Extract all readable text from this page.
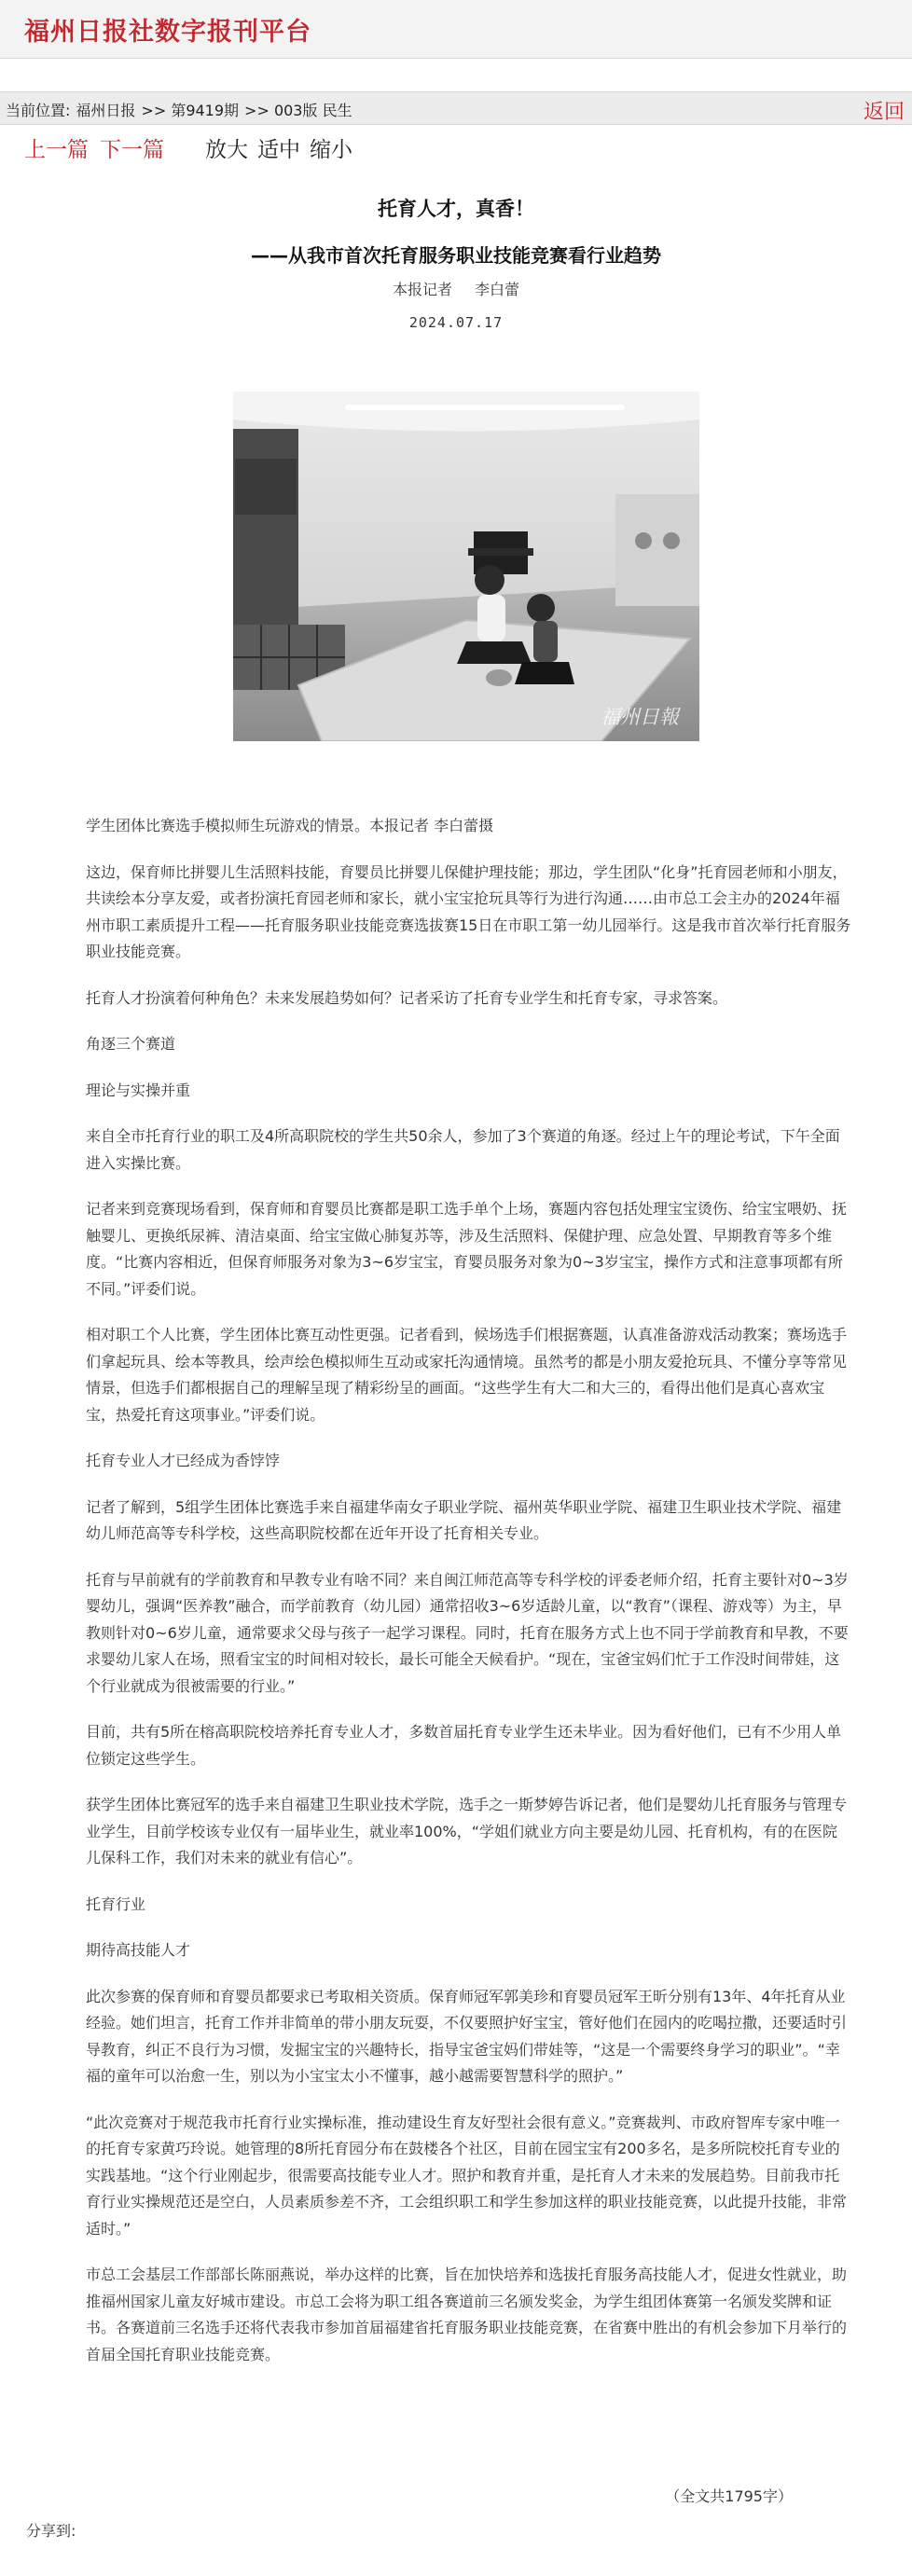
福州日报社数字报刊平台
当前位置: 福州日报 >> 第9419期 >> 003版 民生	返回
上一篇 下一篇 放大 适中 缩小
托育人才，真香！
——从我市首次托育服务职业技能竞赛看行业趋势
本报记者 李白蕾
2024.07.17
福州日報

学生团体比赛选手模拟师生玩游戏的情景。本报记者 李白蕾摄

这边，保育师比拼婴儿生活照料技能，育婴员比拼婴儿保健护理技能；那边，学生团队“化身”托育园老师和小朋友，共读绘本分享友爱，或者扮演托育园老师和家长，就小宝宝抢玩具等行为进行沟通……由市总工会主办的2024年福州市职工素质提升工程——托育服务职业技能竞赛选拔赛15日在市职工第一幼儿园举行。这是我市首次举行托育服务职业技能竞赛。

托育人才扮演着何种角色？未来发展趋势如何？记者采访了托育专业学生和托育专家，寻求答案。

角逐三个赛道

理论与实操并重

来自全市托育行业的职工及4所高职院校的学生共50余人，参加了3个赛道的角逐。经过上午的理论考试，下午全面进入实操比赛。

记者来到竞赛现场看到，保育师和育婴员比赛都是职工选手单个上场，赛题内容包括处理宝宝烫伤、给宝宝喂奶、抚触婴儿、更换纸尿裤、清洁桌面、给宝宝做心肺复苏等，涉及生活照料、保健护理、应急处置、早期教育等多个维度。“比赛内容相近，但保育师服务对象为3~6岁宝宝，育婴员服务对象为0~3岁宝宝，操作方式和注意事项都有所不同。”评委们说。

相对职工个人比赛，学生团体比赛互动性更强。记者看到，候场选手们根据赛题，认真准备游戏活动教案；赛场选手们拿起玩具、绘本等教具，绘声绘色模拟师生互动或家托沟通情境。虽然考的都是小朋友爱抢玩具、不懂分享等常见情景，但选手们都根据自己的理解呈现了精彩纷呈的画面。“这些学生有大二和大三的，看得出他们是真心喜欢宝宝，热爱托育这项事业。”评委们说。

托育专业人才已经成为香饽饽

记者了解到，5组学生团体比赛选手来自福建华南女子职业学院、福州英华职业学院、福建卫生职业技术学院、福建幼儿师范高等专科学校，这些高职院校都在近年开设了托育相关专业。

托育与早前就有的学前教育和早教专业有啥不同？来自闽江师范高等专科学校的评委老师介绍，托育主要针对0~3岁婴幼儿，强调“医养教”融合，而学前教育（幼儿园）通常招收3~6岁适龄儿童，以“教育”（课程、游戏等）为主，早教则针对0~6岁儿童，通常要求父母与孩子一起学习课程。同时，托育在服务方式上也不同于学前教育和早教，不要求婴幼儿家人在场，照看宝宝的时间相对较长，最长可能全天候看护。“现在，宝爸宝妈们忙于工作没时间带娃，这个行业就成为很被需要的行业。”

目前，共有5所在榕高职院校培养托育专业人才，多数首届托育专业学生还未毕业。因为看好他们，已有不少用人单位锁定这些学生。

获学生团体比赛冠军的选手来自福建卫生职业技术学院，选手之一斯梦婷告诉记者，他们是婴幼儿托育服务与管理专业学生，目前学校该专业仅有一届毕业生，就业率100%，“学姐们就业方向主要是幼儿园、托育机构，有的在医院儿保科工作，我们对未来的就业有信心”。

托育行业

期待高技能人才

此次参赛的保育师和育婴员都要求已考取相关资质。保育师冠军郭美珍和育婴员冠军王昕分别有13年、4年托育从业经验。她们坦言，托育工作并非简单的带小朋友玩耍，不仅要照护好宝宝，管好他们在园内的吃喝拉撒，还要适时引导教育，纠正不良行为习惯，发掘宝宝的兴趣特长，指导宝爸宝妈们带娃等，“这是一个需要终身学习的职业”。“幸福的童年可以治愈一生，别以为小宝宝太小不懂事，越小越需要智慧科学的照护。”

“此次竞赛对于规范我市托育行业实操标准，推动建设生育友好型社会很有意义。”竞赛裁判、市政府智库专家中唯一的托育专家黄巧玲说。她管理的8所托育园分布在鼓楼各个社区，目前在园宝宝有200多名，是多所院校托育专业的实践基地。“这个行业刚起步，很需要高技能专业人才。照护和教育并重，是托育人才未来的发展趋势。目前我市托育行业实操规范还是空白，人员素质参差不齐，工会组织职工和学生参加这样的职业技能竞赛，以此提升技能，非常适时。”

市总工会基层工作部部长陈丽燕说，举办这样的比赛，旨在加快培养和选拔托育服务高技能人才，促进女性就业，助推福州国家儿童友好城市建设。市总工会将为职工组各赛道前三名颁发奖金，为学生组团体赛第一名颁发奖牌和证书。各赛道前三名选手还将代表我市参加首届福建省托育服务职业技能竞赛，在省赛中胜出的有机会参加下月举行的首届全国托育职业技能竞赛。

（全文共1795字）
分享到:
